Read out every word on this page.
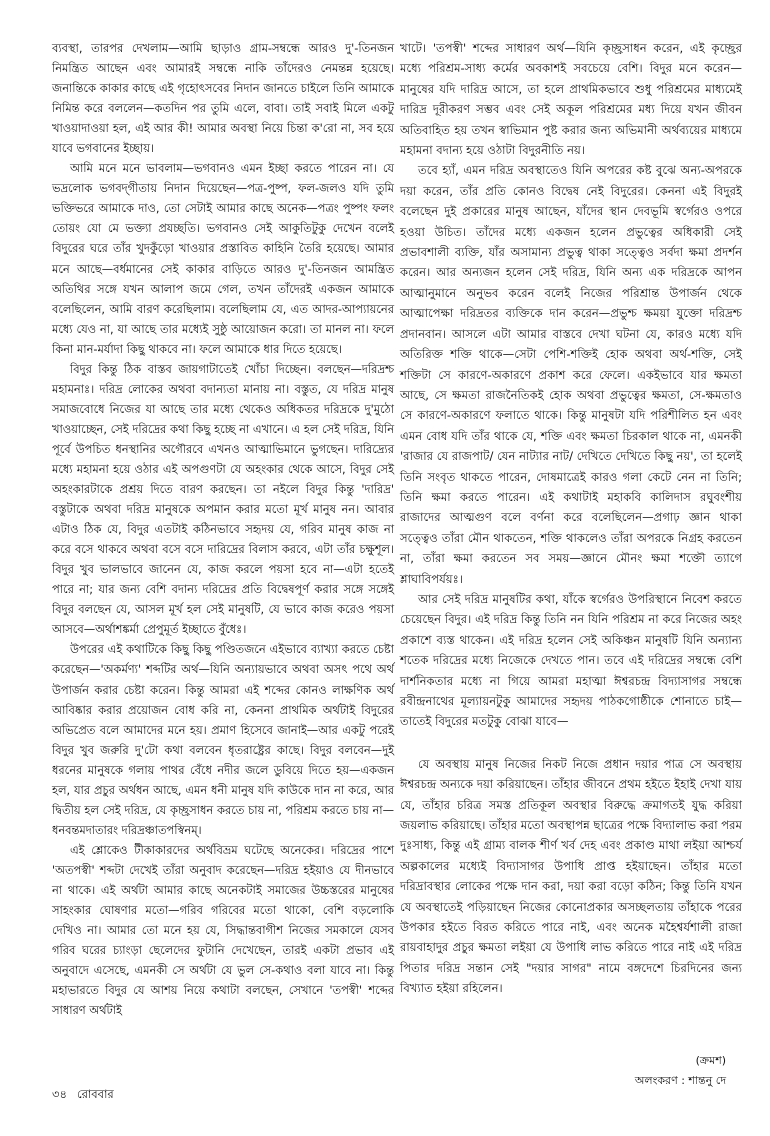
ব্যবস্থা, তারপর দেখলাম—আমি ছাড়াও গ্রাম-সম্বন্ধে আরও দু'-তিনজন নিমন্ত্রিত আছেন এবং আমারই সম্বন্ধে নাকি তাঁদেরও নেমন্তন্ন হয়েছে। জনান্তিকে কাকার কাছে এই গৃহোৎসবের নিদান জানতে চাইলে তিনি আমাকে নিমিন্ত করে বললেন—কতদিন পর তুমি এলে, বাবা। তাই সবাই মিলে একটু খাওয়াদাওয়া হল, এই আর কী! আমার অবস্থা নিয়ে চিন্তা ক'রো না, সব হয়ে যাবে ভগবানের ইচ্ছায়।

আমি মনে মনে ভাবলাম—ভগবানও এমন ইচ্ছা করতে পারেন না। যে ভদ্রলোক ভগবদ্‌গীতায় নিদান দিয়েছেন—পত্র-পুষ্প, ফল-জলও যদি তুমি ভক্তিভরে আমাকে দাও, তো সেটাই আমার কাছে অনেক—পত্রং পুষ্পং ফলং তোয়ং যো মে ভক্ত্যা প্রযচ্ছতি। ভগবানও সেই আকুতিটুকু দেখেন বলেই বিদুরের ঘরে তাঁর খুদকুঁড়ো খাওয়ার প্রস্তাবিত কাহিনি তৈরি হয়েছে। আমার মনে আছে—বর্ধমানের সেই কাকার বাড়িতে আরও দু'-তিনজন আমন্ত্রিত অতিথির সঙ্গে যখন আলাপ জমে গেল, তখন তাঁদেরই একজন আমাকে বলেছিলেন, আমি বারণ করেছিলাম। বলেছিলাম যে, এত আদর-আপ্যায়নের মধ্যে যেও না, যা আছে তার মধ্যেই সুষ্ঠু আয়োজন করো। তা মানল না। ফলে কিনা মান-মর্যাদা কিছু থাকবে না। ফলে আমাকে ধার দিতে হয়েছে।

বিদুর কিন্তু ঠিক বাস্তব জায়গাটাতেই খোঁচা দিচ্ছেন। বলছেন—দরিদ্রশ্চ মহামনাঃ। দরিদ্র লোকের অথবা বদান্যতা মানায় না। বস্তুত, যে দরিদ্র মানুষ সমাজবোধে নিজের যা আছে তার মধ্যে থেকেও অধিকতর দরিদ্রকে দু'মুঠো খাওয়াচ্ছেন, সেই দরিদ্রের কথা কিছু হচ্ছে না এখানে। এ হল সেই দরিদ্র, যিনি পূর্বে উপচিত ধনস্থানির অগৌরবে এখনও আত্মাভিমানে ভুগছেন। দারিদ্র্যের মধ্যে মহামনা হয়ে ওঠার এই অপগুণটা যে অহংকার থেকে আসে, বিদুর সেই অহংকারটাকে প্রশ্রয় দিতে বারণ করছেন। তা নইলে বিদুর কিন্তু 'দারিদ্র' বস্তুটাকে অথবা দরিদ্র মানুষকে অপমান করার মতো মূর্খ মানুষ নন। আবার এটাও ঠিক যে, বিদুর এতটাই কঠিনভাবে সহৃদয় যে, গরিব মানুষ কাজ না করে বসে থাকবে অথবা বসে বসে দারিদ্রের বিলাস করবে, এটা তাঁর চক্ষুশূল। বিদুর খুব ভালভাবে জানেন যে, কাজ করলে পয়সা হবে না—এটা হতেই পারে না; যার জন্য বেশি বদান্য দরিদ্রের প্রতি বিদ্বেষপূর্ণ করার সঙ্গে সঙ্গেই বিদুর বলছেন যে, আসল মূর্খ হল সেই মানুষটি, যে ভাবে কাজ করেও পয়সা আসবে—অর্থাশঙ্কর্মা প্রেপুমূর্ত ইচ্ছাতে বুঁধেঃ।

উপরের এই কথাটিকে কিছু কিছু পণ্ডিতজনে এইভাবে ব্যাখ্যা করতে চেষ্টা করেছেন—'অকর্মণ্য' শব্দটির অর্থ—যিনি অন্যায়ভাবে অথবা অসৎ পথে অর্থ উপার্জন করার চেষ্টা করেন। কিন্তু আমরা এই শব্দের কোনও লাক্ষণিক অর্থ আবিষ্কার করার প্রয়োজন বোধ করি না, কেননা প্রাথমিক অর্থটাই বিদুরের অভিপ্রেত বলে আমাদের মনে হয়। প্রমাণ হিসেবে জানাই—আর একটু পরেই বিদুর খুব জরুরি দু'টো কথা বলবেন ধৃতরাষ্ট্রের কাছে। বিদুর বলবেন—দুই ধরনের মানুষকে গলায় পাথর বেঁধে নদীর জলে ডুবিয়ে দিতে হয়—একজন হল, যার প্রচুর অর্থধন আছে, এমন ধনী মানুষ যদি কাউকে দান না করে, আর দ্বিতীয় হল সেই দরিদ্র, যে কৃচ্ছ্রসাধন করতে চায় না, পরিশ্রম করতে চায় না—ধনবন্তমদাতারং দরিদ্রঞ্চাতপস্বিনম্‌।

এই শ্লোকেও টীকাকারদের অর্থবিভ্রম ঘটেছে অনেকের। দরিদ্রের পাশে 'অতপস্বী' শব্দটা দেখেই তাঁরা অনুবাদ করেছেন—দরিদ্র হইয়াও যে দীনভাবে না থাকে। এই অর্থটা আমার কাছে অনেকটাই সমাজের উচ্চস্তরের মানুষের সাহংকার ঘোষণার মতো—গরিব গরিবের মতো থাকো, বেশি বড়লোকি দেখিও না। আমার তো মনে হয় যে, সিদ্ধান্তবাগীশ নিজের সমকালে যেসব গরিব ঘরের চ্যাংড়া ছেলেদের ফুটানি দেখেছেন, তারই একটা প্রভাব এই অনুবাদে এসেছে, এমনকী সে অর্থটা যে ভুল সে-কথাও বলা যাবে না। কিন্তু মহাভারতে বিদুর যে আশয় নিয়ে কথাটা বলছেন, সেখানে 'তপস্বী' শব্দের সাধারণ অর্থটাই

খাটে। 'তপস্বী' শব্দের সাধারণ অর্থ—যিনি কৃচ্ছ্রসাধন করেন, এই কৃচ্ছ্রের মধ্যে পরিশ্রম-সাধ্য কর্মের অবকাশই সবচেয়ে বেশি। বিদুর মনে করেন—মানুষের যদি দারিদ্র আসে, তা হলে প্রাথমিকভাবে শুধু পরিশ্রমের মাধ্যমেই দারিদ্র দূরীকরণ সম্ভব এবং সেই অকূল পরিশ্রমের মধ্য দিয়ে যখন জীবন অতিবাহিত হয় তখন স্বাভিমান পুষ্ট করার জন্য অভিমানী অর্থব্যয়ের মাধ্যমে মহামনা বদান্য হয়ে ওঠাটা বিদুরনীতি নয়।

তবে হ্যাঁ, এমন দরিদ্র অবস্থাতেও যিনি অপরের কষ্ট বুঝে অন্য-অপরকে দয়া করেন, তাঁর প্রতি কোনও বিদ্বেষ নেই বিদুরের। কেননা এই বিদুরই বলেছেন দুই প্রকারের মানুষ আছেন, যাঁদের স্থান দেবভূমি স্বর্গেরও ওপরে হওয়া উচিত। তাঁদের মধ্যে একজন হলেন প্রভুত্বের অধিকারী সেই প্রভাবশালী ব্যক্তি, যাঁর অসামান্য প্রভুত্ব থাকা সত্ত্বেও সর্বদা ক্ষমা প্রদর্শন করেন। আর অন্যজন হলেন সেই দরিদ্র, যিনি অন্য এক দরিদ্রকে আপন আত্মানুমানে অনুভব করেন বলেই নিজের পরিশ্রান্ত উপার্জন থেকে আত্মাপেক্ষা দরিদ্রতর ব্যক্তিকে দান করেন—প্রভুশ্চ ক্ষময়া যুক্তো দরিদ্রশ্চ প্রদানবান। আসলে এটা আমার বাস্তবে দেখা ঘটনা যে, কারও মধ্যে যদি অতিরিক্ত শক্তি থাকে—সেটা পেশি-শক্তিই হোক অথবা অর্থ-শক্তি, সেই শক্তিটা সে কারণে-অকারণে প্রকাশ করে ফেলে। একইভাবে যার ক্ষমতা আছে, সে ক্ষমতা রাজনৈতিকই হোক অথবা প্রভুত্বের ক্ষমতা, সে-ক্ষমতাও সে কারণে-অকারণে ফলাতে থাকে। কিন্তু মানুষটা যদি পরিশীলিত হন এবং এমন বোধ যদি তাঁর থাকে যে, শক্তি এবং ক্ষমতা চিরকাল থাকে না, এমনকী 'রাজার যে রাজপাট/ যেন নাট্যার নাট/ দেখিতে দেখিতে কিছু নয়', তা হলেই তিনি সংবৃত থাকতে পারেন, দোষমাত্রেই কারও গলা কেটে নেন না তিনি; তিনি ক্ষমা করতে পারেন। এই কথাটাই মহাকবি কালিদাস রঘুবংশীয় রাজাদের আত্মগুণ বলে বর্ণনা করে বলেছিলেন—প্রগাঢ় জ্ঞান থাকা সত্ত্বেও তাঁরা মৌন থাকতেন, শক্তি থাকলেও তাঁরা অপরকে নিগ্রহ করতেন না, তাঁরা ক্ষমা করতেন সব সময়—জ্ঞানে মৌনং ক্ষমা শক্তৌ ত্যাগে শ্লাঘাবিপর্যয়ঃ।

আর সেই দরিদ্র মানুষটির কথা, যাঁকে স্বর্গেরও উপরিস্থানে নিবেশ করতে চেয়েছেন বিদুর। এই দরিদ্র কিন্তু তিনি নন যিনি পরিশ্রম না করে নিজের অহং প্রকাশে ব্যস্ত থাকেন। এই দরিদ্র হলেন সেই অকিঞ্চন মানুষটি যিনি অন্যান্য শতেক দরিদ্রের মধ্যে নিজেকে দেখতে পান। তবে এই দরিদ্রের সম্বন্ধে বেশি দার্শনিকতার মধ্যে না গিয়ে আমরা মহাত্মা ঈশ্বরচন্দ্র বিদ্যাসাগর সম্বন্ধে রবীন্দ্রনাথের মূল্যায়নটুকু আমাদের সহৃদয় পাঠকগোষ্ঠীকে শোনাতে চাই—তাতেই বিদুরের মতটুকু বোঝা যাবে—

যে অবস্থায় মানুষ নিজের নিকট নিজে প্রধান দয়ার পাত্র সে অবস্থায় ঈশ্বরচন্দ্র অন্যকে দয়া করিয়াছেন। তাঁহার জীবনে প্রথম হইতে ইহাই দেখা যায় যে, তাঁহার চরিত্র সমস্ত প্রতিকূল অবস্থার বিরুদ্ধে ক্রমাগতই যুদ্ধ করিয়া জয়লাভ করিয়াছে। তাঁহার মতো অবস্থাপন্ন ছাত্রের পক্ষে বিদ্যালাভ করা পরম দুঃসাধ্য, কিন্তু এই গ্রাম্য বালক শীর্ণ খর্ব দেহ এবং প্রকাণ্ড মাথা লইয়া আশ্চর্য অল্পকালের মধ্যেই বিদ্যাসাগর উপাধি প্রাপ্ত হইয়াছেন। তাঁহার মতো দরিদ্রাবস্থার লোকের পক্ষে দান করা, দয়া করা বড়ো কঠিন; কিন্তু তিনি যখন যে অবস্থাতেই পড়িয়াছেন নিজের কোনোপ্রকার অসচ্ছলতায় তাঁহাকে পরের উপকার হইতে বিরত করিতে পারে নাই, এবং অনেক মহৈশ্বর্যশালী রাজা রায়বাহাদুর প্রচুর ক্ষমতা লইয়া যে উপাধি লাভ করিতে পারে নাই এই দরিদ্র পিতার দরিদ্র সন্তান সেই "দয়ার সাগর" নামে বঙ্গদেশে চিরদিনের জন্য বিখ্যাত হইয়া রহিলেন।

(ক্রমশ)
অলংকরণ : শান্তনু দে
৩৪ রোববার
